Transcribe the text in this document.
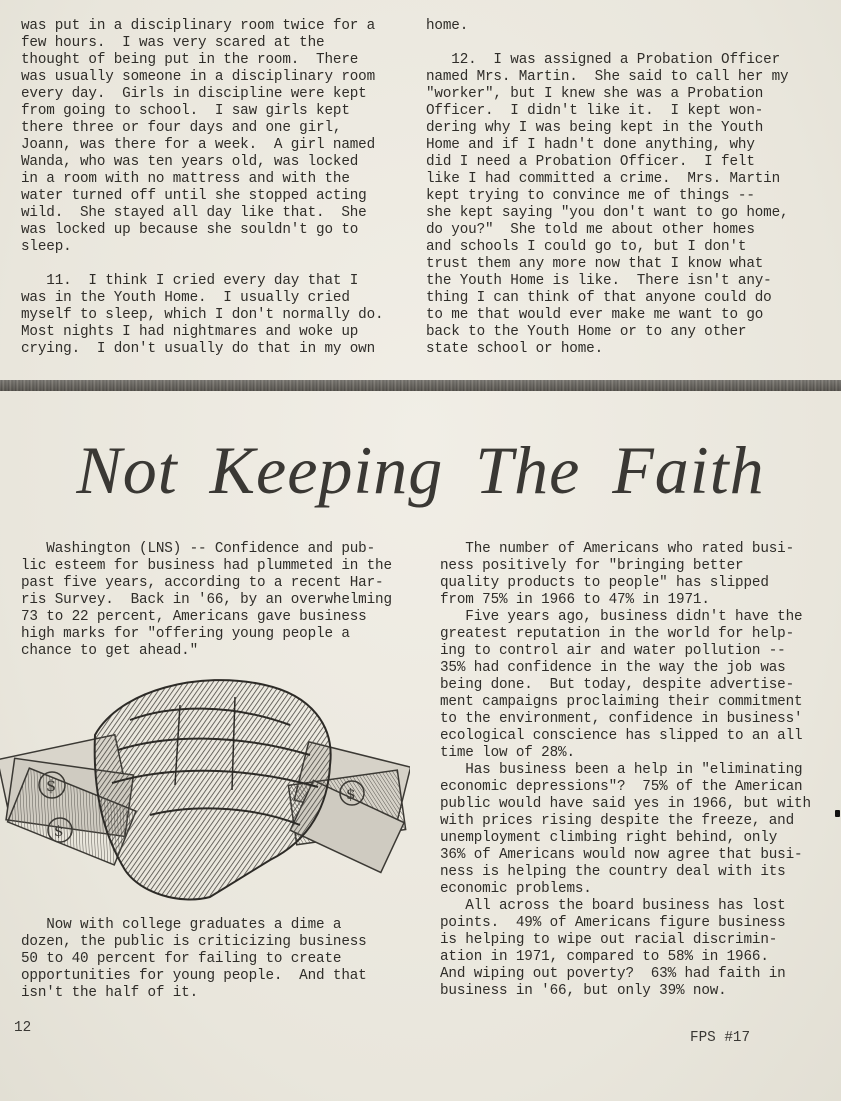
was put in a disciplinary room twice for a
few hours.  I was very scared at the
thought of being put in the room.  There
was usually someone in a disciplinary room
every day.  Girls in discipline were kept
from going to school.  I saw girls kept
there three or four days and one girl,
Joann, was there for a week.  A girl named
Wanda, who was ten years old, was locked
in a room with no mattress and with the
water turned off until she stopped acting
wild.  She stayed all day like that.  She
was locked up because she souldn't go to
sleep.

11.  I think I cried every day that I
was in the Youth Home.  I usually cried
myself to sleep, which I don't normally do.
Most nights I had nightmares and woke up
crying.  I don't usually do that in my own

home.

12.  I was assigned a Probation Officer
named Mrs. Martin.  She said to call her my
"worker", but I knew she was a Probation
Officer.  I didn't like it.  I kept won-
dering why I was being kept in the Youth
Home and if I hadn't done anything, why
did I need a Probation Officer.  I felt
like I had committed a crime.  Mrs. Martin
kept trying to convince me of things --
she kept saying "you don't want to go home,
do you?"  She told me about other homes
and schools I could go to, but I don't
trust them any more now that I know what
the Youth Home is like.  There isn't any-
thing I can think of that anyone could do
to me that would ever make me want to go
back to the Youth Home or to any other
state school or home.

Not Keeping The Faith

Washington (LNS) -- Confidence and pub-
lic esteem for business had plummeted in the
past five years, according to a recent Har-
ris Survey.  Back in '66, by an overwhelming
73 to 22 percent, Americans gave business
high marks for "offering young people a
chance to get ahead."

$
$
$

Now with college graduates a dime a
dozen, the public is criticizing business
50 to 40 percent for failing to create
opportunities for young people.  And that
isn't the half of it.

The number of Americans who rated busi-
ness positively for "bringing better
quality products to people" has slipped
from 75% in 1966 to 47% in 1971.
Five years ago, business didn't have the
greatest reputation in the world for help-
ing to control air and water pollution --
35% had confidence in the way the job was
being done.  But today, despite advertise-
ment campaigns proclaiming their commitment
to the environment, confidence in business'
ecological conscience has slipped to an all
time low of 28%.
Has business been a help in "eliminating
economic depressions"?  75% of the American
public would have said yes in 1966, but with
with prices rising despite the freeze, and
unemployment climbing right behind, only
36% of Americans would now agree that busi-
ness is helping the country deal with its
economic problems.
All across the board business has lost
points.  49% of Americans figure business
is helping to wipe out racial discrimin-
ation in 1971, compared to 58% in 1966.
And wiping out poverty?  63% had faith in
business in '66, but only 39% now.

12
FPS #17
